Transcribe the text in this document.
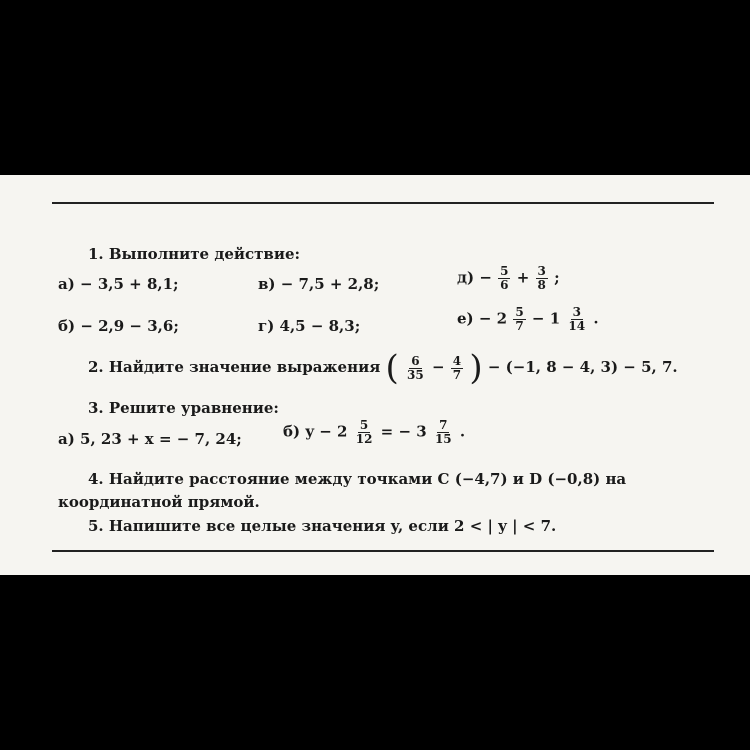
1. Выполните действие:
а) − 3,5 + 8,1;	в) − 7,5 + 2,8;	$д) - \frac{5}{6} + \frac{3}{8}$ ;
б) − 2,9 − 3,6;	г) 4,5 − 8,3;	$е) - 2 \frac{5}{7} - 1 \frac{3}{14}$ .
2. Найдите значение выражения ( $\frac{6}{35} - \frac{4}{7}$ ) − (−1, 8 − 4, 3) − 5, 7.
3. Решите уравнение:
а) 5, 23 + x = − 7, 24;	б) $y - 2 \frac{5}{12}$ = − $3 \frac{7}{15}$ .
4. Найдите расстояние между точками C (−4,7) и D (−0,8) на
координатной прямой.
5. Напишите все целые значения y, если 2 < | y | < 7.
